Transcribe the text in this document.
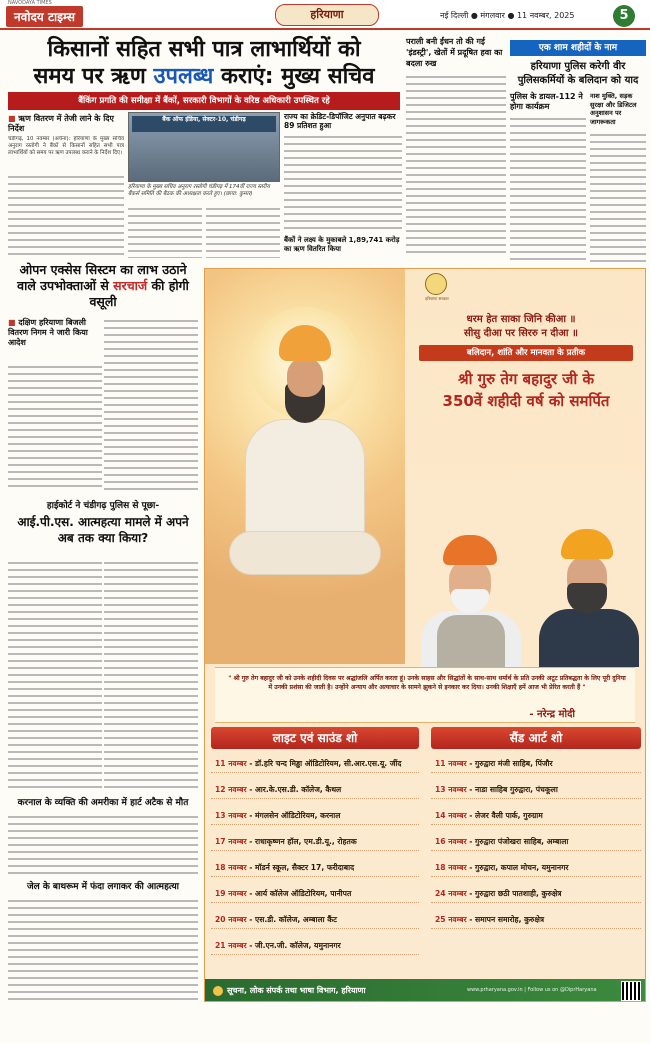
NAVODAYA TIMES
नवोदय टाइम्स	हरियाणा	नई दिल्ली ● मंगलवार ● 11 नवम्बर, 2025	5
किसानों सहित सभी पात्र लाभार्थियों को
समय पर ऋण उपलब्ध कराएं: मुख्य सचिव
बैंकिंग प्रगति की समीक्षा में बैंकों, सरकारी विभागों के वरिष्ठ अधिकारी उपस्थित रहे
■ ऋण वितरण में तेजी लाने के दिए निर्देश
चंडीगढ़, 10 नवम्बर (अर्चना): हरियाणा के मुख्य सचिव अनुराग रस्तोगी ने बैंकों से किसानों सहित सभी पात्र लाभार्थियों को समय पर ऋण उपलब्ध कराने के निर्देश दिए।
बैंक ऑफ इंडिया, सेक्टर-10, चंडीगढ़
हरियाणा के मुख्य सचिव अनुराग रस्तोगी चंडीगढ़ में 174वीं राज्य स्तरीय बैंकर्स समिति की बैठक की अध्यक्षता करते हुए। (छाया: कुमार)
राज्य का क्रेडिट-डिपॉजिट अनुपात बढ़कर 89 प्रतिशत हुआ
बैंकों ने लक्ष्य के मुकाबले 1,89,741 करोड़ का ऋण वितरित किया
पराली बनी ईंधन तो की गई 'इंडस्ट्री', खेतों में प्रदूषित हवा का बदला रुख
एक शाम शहीदों के नाम
हरियाणा पुलिस करेगी वीर पुलिसकर्मियों के बलिदान को याद
पुलिस के डायल-112 ने होगा कार्यक्रम
नाश मुक्ति, सड़क सुरक्षा और डिजिटल अनुशासन पर जागरूकता
ओपन एक्सेस सिस्टम का लाभ उठाने वाले उपभोक्ताओं से सरचार्ज की होगी वसूली
■ दक्षिण हरियाणा बिजली वितरण निगम ने जारी किया आदेश
हाईकोर्ट ने चंडीगढ़ पुलिस से पूछा-
आई.पी.एस. आत्महत्या मामले में अपने अब तक क्या किया?
करनाल के व्यक्ति की अमरीका में हार्ट अटैक से मौत
जेल के बाथरूम में फंदा लगाकर की आत्महत्या
हरियाणा सरकार
धरम हेत साका जिनि कीआ ॥
सीसु दीआ पर सिररु न दीआ ॥
बलिदान, शांति और मानवता के प्रतीक
श्री गुरु तेग बहादुर जी के
350वें शहीदी वर्ष को समर्पित
" श्री गुरु तेग बहादुर जी को उनके शहीदी दिवस पर श्रद्धांजलि अर्पित करता हूं। उनके साहस और सिद्धांतों के साथ-साथ धर्मार्थ के प्रति उनकी अटूट प्रतिबद्धता के लिए पूरी दुनिया में उनकी प्रशंसा की जाती है। उन्होंने अन्याय और अत्याचार के सामने झुकने से इनकार कर दिया। उनकी शिक्षाएँ हमें आज भी प्रेरित करती हैं "
- नरेन्द्र मोदी
लाइट एवं साउंड शो	सैंड आर्ट शो
11 नवम्बर - डॉ.हरि चन्द मिड्ढा ऑडिटोरियम, सी.आर.एस.यू. जींद
12 नवम्बर - आर.के.एस.डी. कॉलेज, कैथल
13 नवम्बर - मंगलसेन ऑडिटोरियम, करनाल
17 नवम्बर - राधाकृष्णन हॉल, एम.डी.यू., रोहतक
18 नवम्बर - मॉडर्न स्कूल, सैक्टर 17, फरीदाबाद
19 नवम्बर - आर्य कॉलेज ऑडिटोरियम, पानीपत
20 नवम्बर - एस.डी. कॉलेज, अम्बाला कैंट
21 नवम्बर - जी.एन.जी. कॉलेज, यमुनानगर
11 नवम्बर - गुरुद्वारा मंजी साहिब, पिंजौर
13 नवम्बर - नाडा साहिब गुरुद्वारा, पंचकूला
14 नवम्बर - लेजर वैली पार्क, गुरुग्राम
16 नवम्बर - गुरुद्वारा पंजोखरा साहिब, अम्बाला
18 नवम्बर - गुरुद्वारा, कपाल मोचन, यमुनानगर
24 नवम्बर - गुरुद्वारा छठी पातशाही, कुरुक्षेत्र
25 नवम्बर - समापन समारोह, कुरुक्षेत्र
सूचना, लोक संपर्क तथा भाषा विभाग, हरियाणा	www.prharyana.gov.in | Follow us on @DiprHaryana
